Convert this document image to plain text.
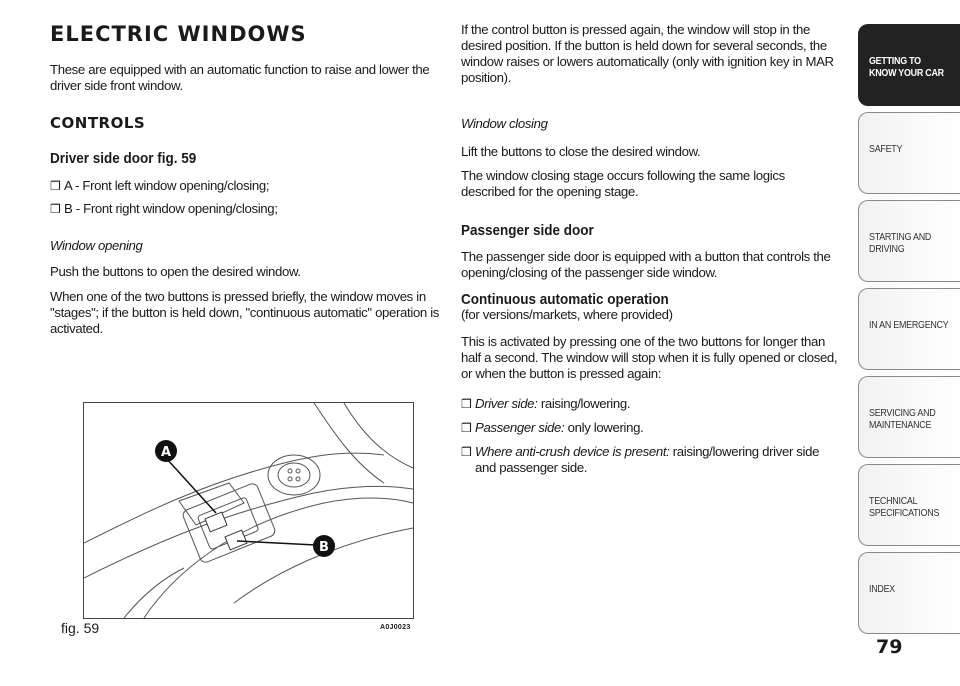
ELECTRIC WINDOWS

These are equipped with an automatic function to raise and lower the driver side front window.

CONTROLS
Driver side door fig. 59
❒ A - Front left window opening/closing;
❒ B - Front right window opening/closing;

Window opening

Push the buttons to open the desired window.

When one of the two buttons is pressed briefly, the window moves in "stages"; if the button is held down, "continuous automatic" operation is activated.

A
B
fig. 59	A0J0023

If the control button is pressed again, the window will stop in the desired position. If the button is held down for several seconds, the window raises or lowers automatically (only with ignition key in MAR position).

Window closing

Lift the buttons to close the desired window.

The window closing stage occurs following the same logics described for the opening stage.

Passenger side door

The passenger side door is equipped with a button that controls the opening/closing of the passenger side window.

Continuous automatic operation

(for versions/markets, where provided)

This is activated by pressing one of the two buttons for longer than half a second. The window will stop when it is fully opened or closed, or when the button is pressed again:

❒ Driver side: raising/lowering.
❒ Passenger side: only lowering.
❒ Where anti-crush device is present: raising/lowering driver side and passenger side.
GETTING TO
KNOW YOUR CAR
SAFETY
STARTING AND
DRIVING
IN AN EMERGENCY
SERVICING AND
MAINTENANCE
TECHNICAL
SPECIFICATIONS
INDEX
79
